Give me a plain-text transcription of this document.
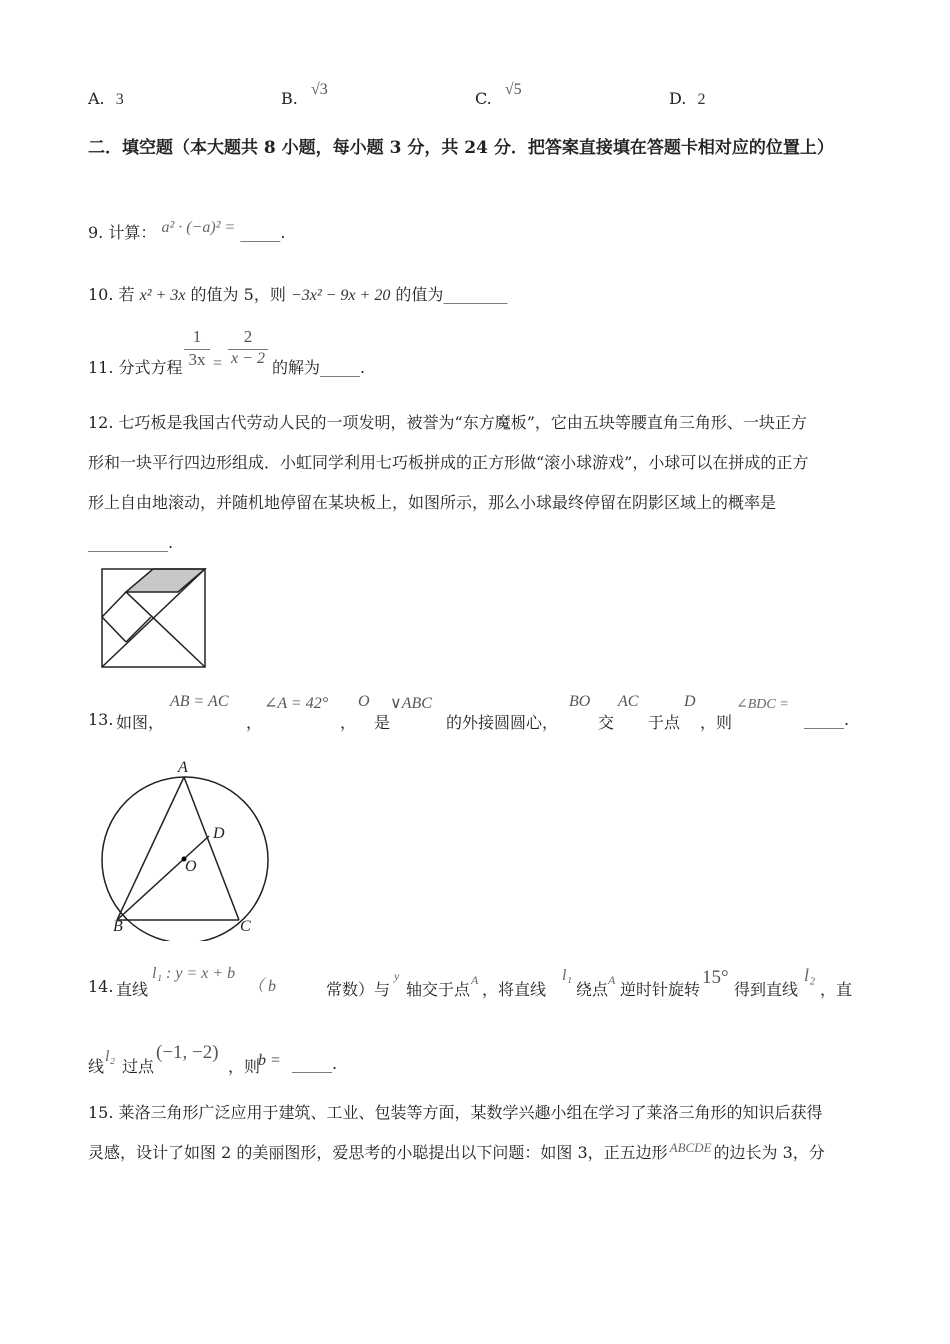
A. 3	B. √3	C. √5	D. 2
二．填空题（本大题共 8 小题，每小题 3 分，共 24 分．把答案直接填在答题卡相对应的位置上）
9. 计算： a² · (−a)² = _____.
10. 若 x² + 3x 的值为 5，则 −3x² − 9x + 20 的值为________
11. 分式方程
1
3x =
2
x − 2 的解为_____.
12. 七巧板是我国古代劳动人民的一项发明，被誉为“东方魔板”，它由五块等腰直角三角形、一块正方
形和一块平行四边形组成．小虹同学利用七巧板拼成的正方形做“滚小球游戏”，小球可以在拼成的正方
形上自由地滚动，并随机地停留在某块板上，如图所示，那么小球最终停留在阴影区域上的概率是
__________.
13. 如图，
AB = AC
，
∠A = 42°
，
O
是
∨ABC
的外接圆圆心，
BO
交
AC
于点
D
，则
∠BDC =
_____.
A
B	C
D
O
14. 直线
l₁ : y = x + b
（ b	常数）与
y
轴交于点 A ，将直线
l₁
绕点 A 逆时针旋转
15°
得到直线
l₂
，直
线
l₂
过点
(−1, −2)
，则
b = _____.
15. 莱洛三角形广泛应用于建筑、工业、包装等方面，某数学兴趣小组在学习了莱洛三角形的知识后获得
灵感，设计了如图 2 的美丽图形，爱思考的小聪提出以下问题：如图 3，正五边形 $^{ABCDE}$ 的边长为 3，分
